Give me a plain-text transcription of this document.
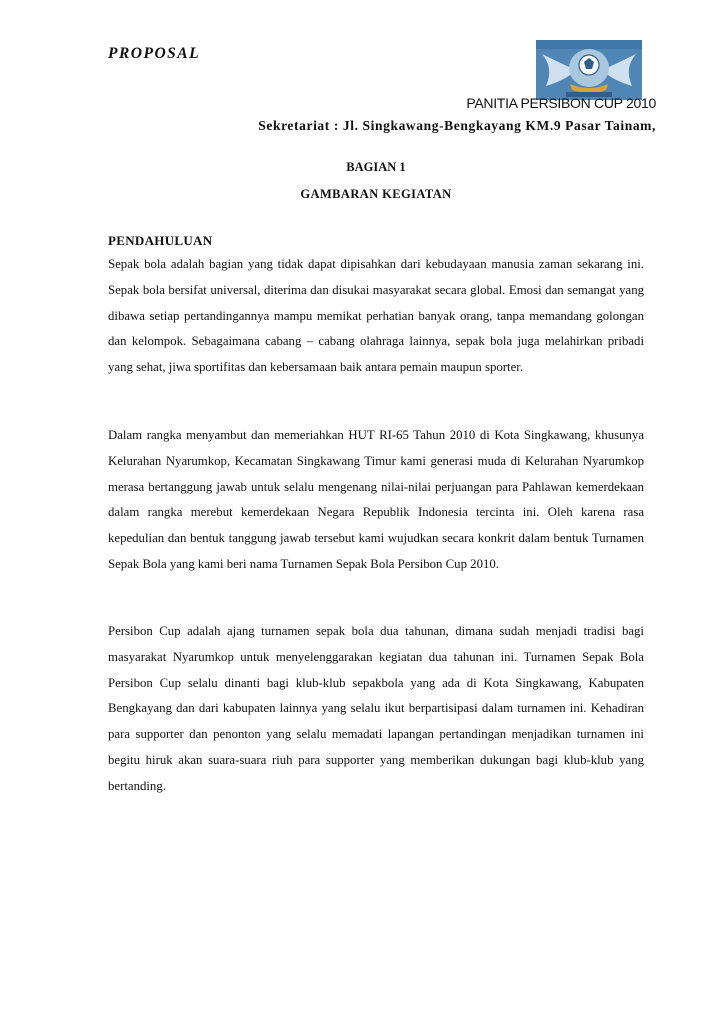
PROPOSAL
PANITIA PERSIBON CUP 2010
Sekretariat : Jl. Singkawang-Bengkayang KM.9 Pasar Tainam,
BAGIAN 1
GAMBARAN KEGIATAN
PENDAHULUAN

Sepak bola adalah bagian yang tidak dapat dipisahkan dari kebudayaan manusia zaman sekarang ini. Sepak bola bersifat universal, diterima dan disukai masyarakat secara global. Emosi dan semangat yang dibawa setiap pertandingannya mampu memikat perhatian banyak orang, tanpa memandang golongan dan kelompok. Sebagaimana cabang – cabang olahraga lainnya, sepak bola juga melahirkan pribadi yang sehat, jiwa sportifitas dan kebersamaan baik antara pemain maupun sporter.

Dalam rangka menyambut dan memeriahkan HUT RI-65 Tahun 2010 di Kota Singkawang, khusunya Kelurahan Nyarumkop, Kecamatan Singkawang Timur kami generasi muda di Kelurahan Nyarumkop merasa bertanggung jawab untuk selalu mengenang nilai-nilai perjuangan para Pahlawan kemerdekaan dalam rangka merebut kemerdekaan Negara Republik Indonesia tercinta ini. Oleh karena rasa kepedulian dan bentuk tanggung jawab tersebut kami wujudkan secara konkrit dalam bentuk Turnamen Sepak Bola yang kami beri nama Turnamen Sepak Bola Persibon Cup 2010.

Persibon Cup adalah ajang turnamen sepak bola dua tahunan, dimana sudah menjadi tradisi bagi masyarakat Nyarumkop untuk menyelenggarakan kegiatan dua tahunan ini. Turnamen Sepak Bola Persibon Cup selalu dinanti bagi klub-klub sepakbola yang ada di Kota Singkawang, Kabupaten Bengkayang dan dari kabupaten lainnya yang selalu ikut berpartisipasi dalam turnamen ini. Kehadiran para supporter dan penonton yang selalu memadati lapangan pertandingan menjadikan turnamen ini begitu hiruk akan suara-suara riuh para supporter yang memberikan dukungan bagi klub-klub yang bertanding.
